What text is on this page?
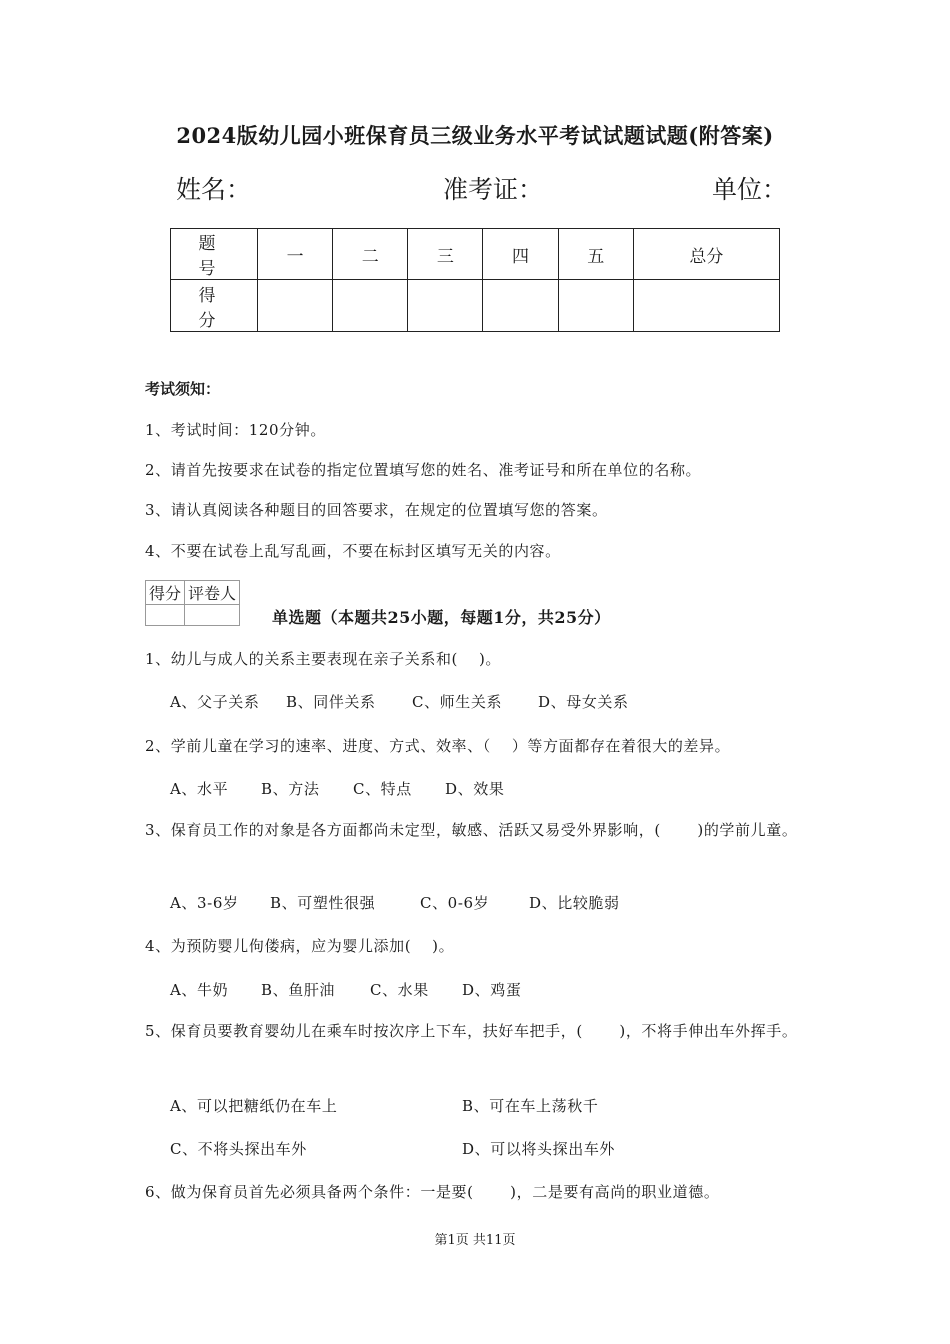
2024版幼儿园小班保育员三级业务水平考试试题试题(附答案)
姓名：	准考证：	单位：
题　号	一	二	三	四	五	总分
得　分						
考试须知：
1、考试时间：120分钟。
2、请首先按要求在试卷的指定位置填写您的姓名、准考证号和所在单位的名称。
3、请认真阅读各种题目的回答要求，在规定的位置填写您的答案。
4、不要在试卷上乱写乱画，不要在标封区填写无关的内容。
得分	评卷人

单选题（本题共25小题，每题1分，共25分）
1、幼儿与成人的关系主要表现在亲子关系和(　 )。
A、父子关系 B、同伴关系 C、师生关系 D、母女关系
2、学前儿童在学习的速率、进度、方式、效率、（　 ）等方面都存在着很大的差异。
A、水平 B、方法 C、特点 D、效果
3、保育员工作的对象是各方面都尚未定型，敏感、活跃又易受外界影响，(　　 )的学前儿童。
A、3-6岁 B、可塑性很强	C、0-6岁	D、比较脆弱
4、为预防婴儿佝偻病，应为婴儿添加(　 )。
A、牛奶 B、鱼肝油 C、水果 D、鸡蛋
5、保育员要教育婴幼儿在乘车时按次序上下车，扶好车把手，(　　 )，不将手伸出车外挥手。
A、可以把糖纸仍在车上	B、可在车上荡秋千
C、不将头探出车外	D、可以将头探出车外
6、做为保育员首先必须具备两个条件：一是要(　　 )，二是要有高尚的职业道德。
第1页 共11页
